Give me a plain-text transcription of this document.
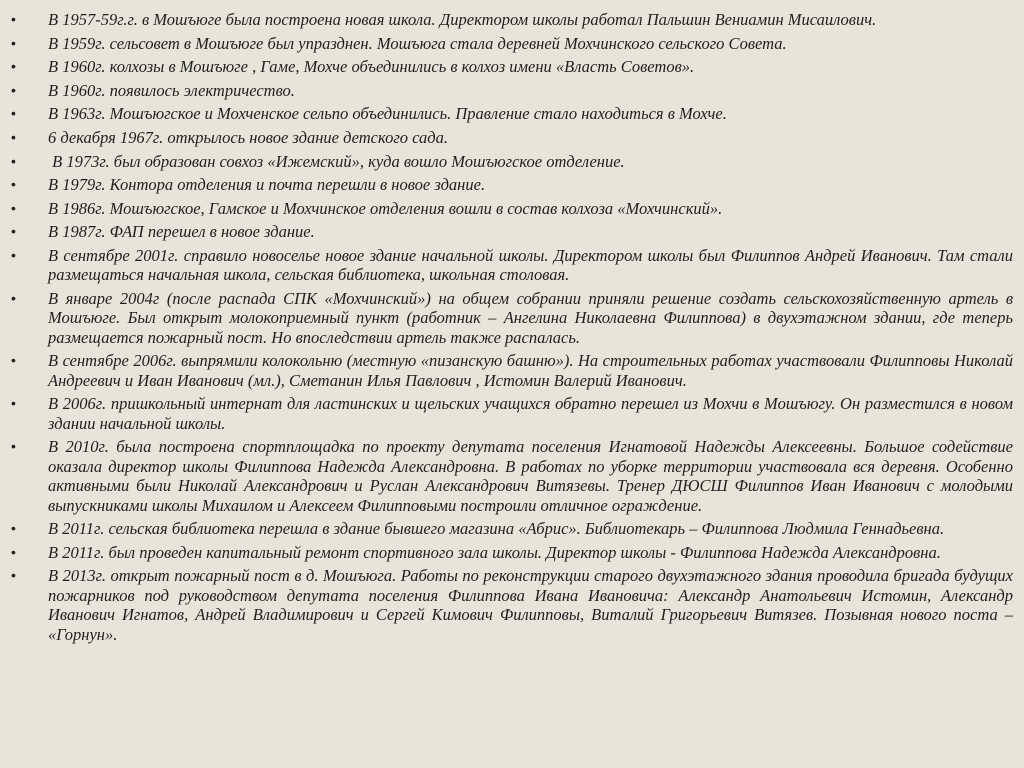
• В 1957-59г.г. в Мошъюге была построена новая школа. Директором школы работал Пальшин Вениамин Мисаилович.
• В 1959г. сельсовет в Мошъюге был упразднен. Мошъюга стала деревней Мохчинского сельского Совета.
• В 1960г. колхозы в Мошъюге , Гаме, Мохче объединились в колхоз имени «Власть Советов».
• В 1960г. появилось электричество.
• В 1963г. Мошъюгское и Мохченское сельпо объединились. Правление стало находиться в Мохче.
• 6 декабря 1967г. открылось новое здание детского сада.
• В 1973г. был образован совхоз «Ижемский», куда вошло Мошъюгское отделение.
• В 1979г. Контора отделения и почта перешли в новое здание.
• В 1986г. Мошъюгское, Гамское и Мохчинское отделения вошли в состав колхоза «Мохчинский».
• В 1987г. ФАП перешел в новое здание.
• В сентябре 2001г. справило новоселье новое здание начальной школы. Директором школы был Филиппов Андрей Иванович. Там стали размещаться начальная школа, сельская библиотека, школьная столовая.
• В январе 2004г (после распада СПК «Мохчинский») на общем собрании приняли решение создать сельскохозяйственную артель в Мошъюге. Был открыт молокоприемный пункт (работник – Ангелина Николаевна Филиппова) в двухэтажном здании, где теперь размещается пожарный пост. Но впоследствии артель также распалась.
• В сентябре 2006г. выпрямили колокольню (местную «пизанскую башню»). На строительных работах участвовали Филипповы Николай Андреевич и Иван Иванович (мл.), Сметанин Илья Павлович , Истомин Валерий Иванович.
• В 2006г. пришкольный интернат для ластинских и щельских учащихся обратно перешел из Мохчи в Мошъюгу. Он разместился в новом здании начальной школы.
• В 2010г. была построена спортплощадка по проекту депутата поселения Игнатовой Надежды Алексеевны. Большое содействие оказала директор школы Филиппова Надежда Александровна. В работах по уборке территории участвовала вся деревня. Особенно активными были Николай Александрович и Руслан Александрович Витязевы. Тренер ДЮСШ Филиппов Иван Иванович с молодыми выпускниками школы Михаилом и Алексеем Филипповыми построили отличное ограждение.
• В 2011г. сельская библиотека перешла в здание бывшего магазина «Абрис». Библиотекарь – Филиппова Людмила Геннадьевна.
• В 2011г. был проведен капитальный ремонт спортивного зала школы. Директор школы - Филиппова Надежда Александровна.
• В 2013г. открыт пожарный пост в д. Мошъюга. Работы по реконструкции старого двухэтажного здания проводила бригада будущих пожарников под руководством депутата поселения Филиппова Ивана Ивановича: Александр Анатольевич Истомин, Александр Иванович Игнатов, Андрей Владимирович и Сергей Кимович Филипповы, Виталий Григорьевич Витязев. Позывная нового поста – «Горнун».
